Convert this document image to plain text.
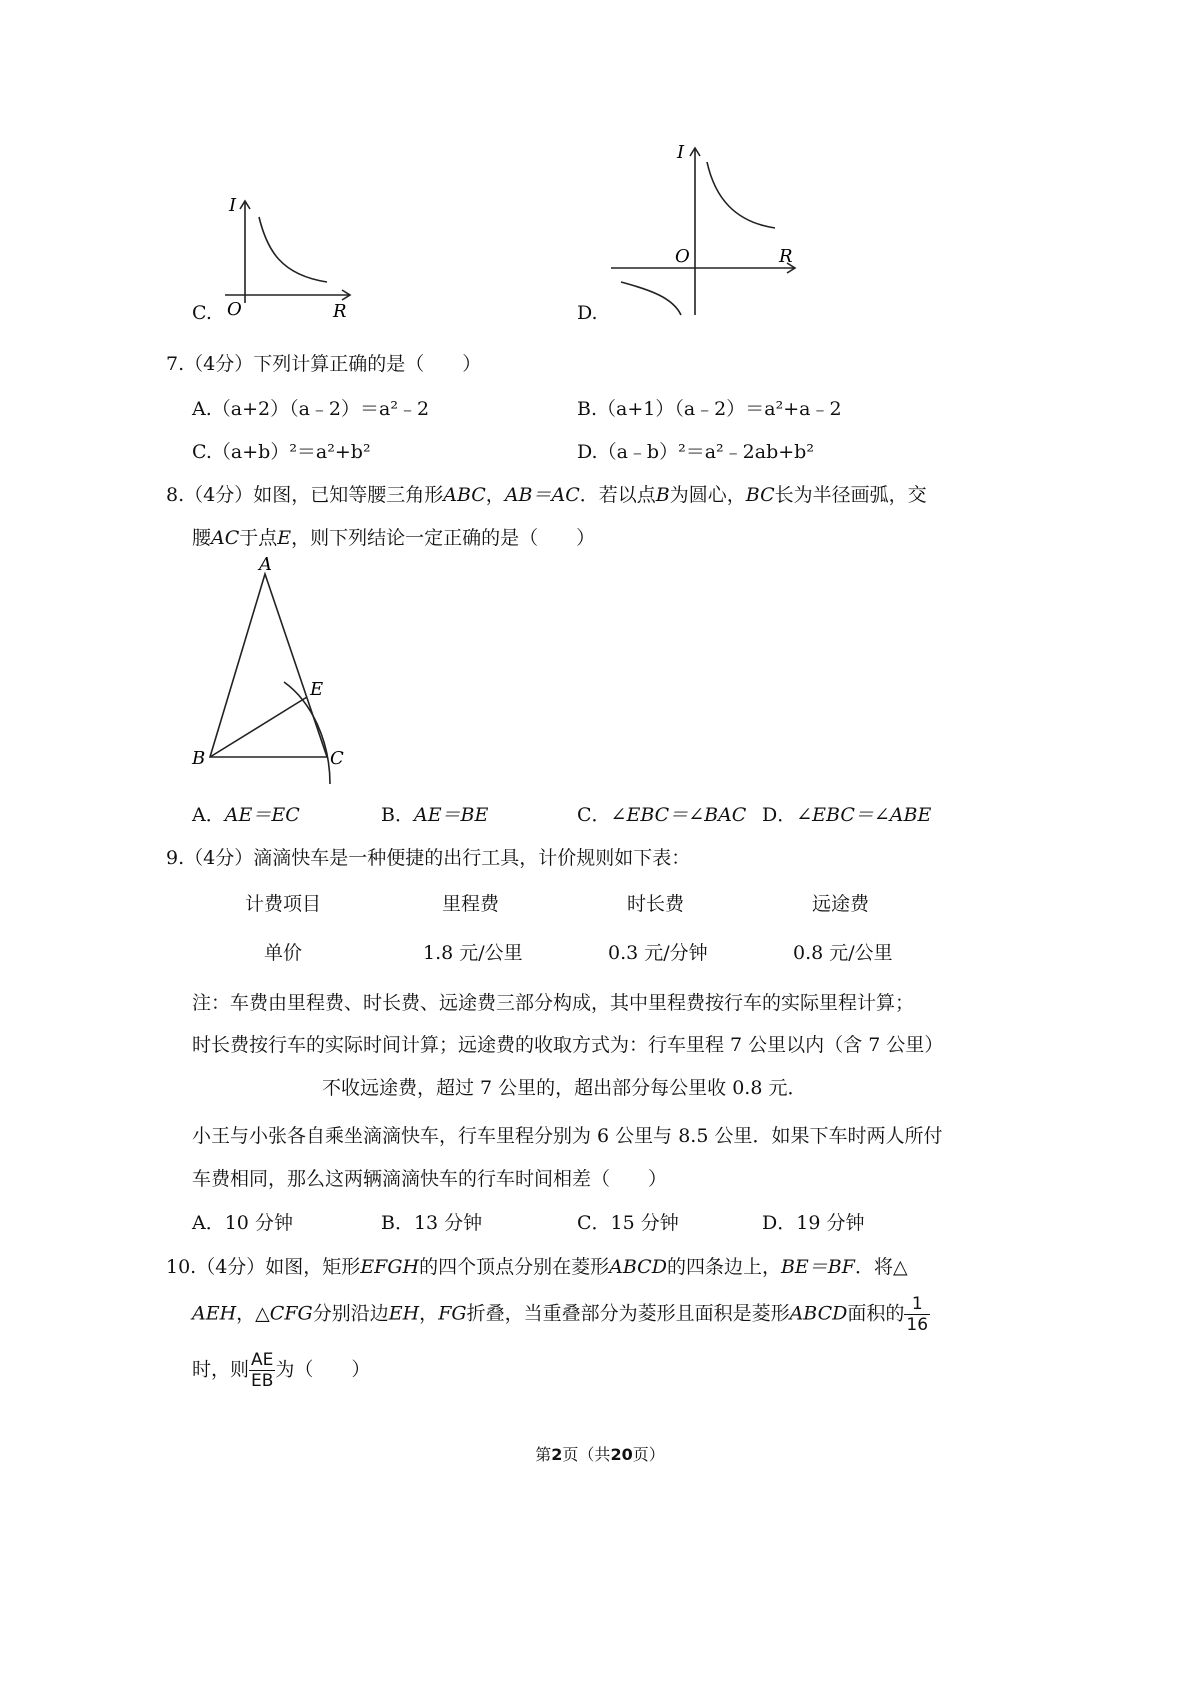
I
R
O
C.
I
R
O
D.
7.（4分）下列计算正确的是（　　）
A.（a+2）（a﹣2）＝a²﹣2	B.（a+1）（a﹣2）＝a²+a﹣2
C.（a+b）²＝a²+b²	D.（a﹣b）²＝a²﹣2ab+b²
8.（4分）如图，已知等腰三角形ABC，AB＝AC．若以点B为圆心，BC长为半径画弧，交
腰AC于点E，则下列结论一定正确的是（　　）
A
B	C
E
A．AE＝EC	B．AE＝BE	C．∠EBC＝∠BAC D．∠EBC＝∠ABE
9.（4分）滴滴快车是一种便捷的出行工具，计价规则如下表：
计费项目	里程费	时长费	远途费
单价	1.8 元/公里	0.3 元/分钟	0.8 元/公里
注：车费由里程费、时长费、远途费三部分构成，其中里程费按行车的实际里程计算；
时长费按行车的实际时间计算；远途费的收取方式为：行车里程 7 公里以内（含 7 公里）
不收远途费，超过 7 公里的，超出部分每公里收 0.8 元．
小王与小张各自乘坐滴滴快车，行车里程分别为 6 公里与 8.5 公里．如果下车时两人所付
车费相同，那么这两辆滴滴快车的行车时间相差（　　）
A．10 分钟	B．13 分钟	C．15 分钟	D．19 分钟
10.（4分）如图，矩形EFGH的四个顶点分别在菱形ABCD的四条边上，BE＝BF．将△
AEH，△CFG分别沿边EH，FG折叠，当重叠部分为菱形且面积是菱形ABCD面积的 $\frac{1}{16}$
时，则 $\frac{AE}{EB}$ 为（　　）
第2页（共20页）
